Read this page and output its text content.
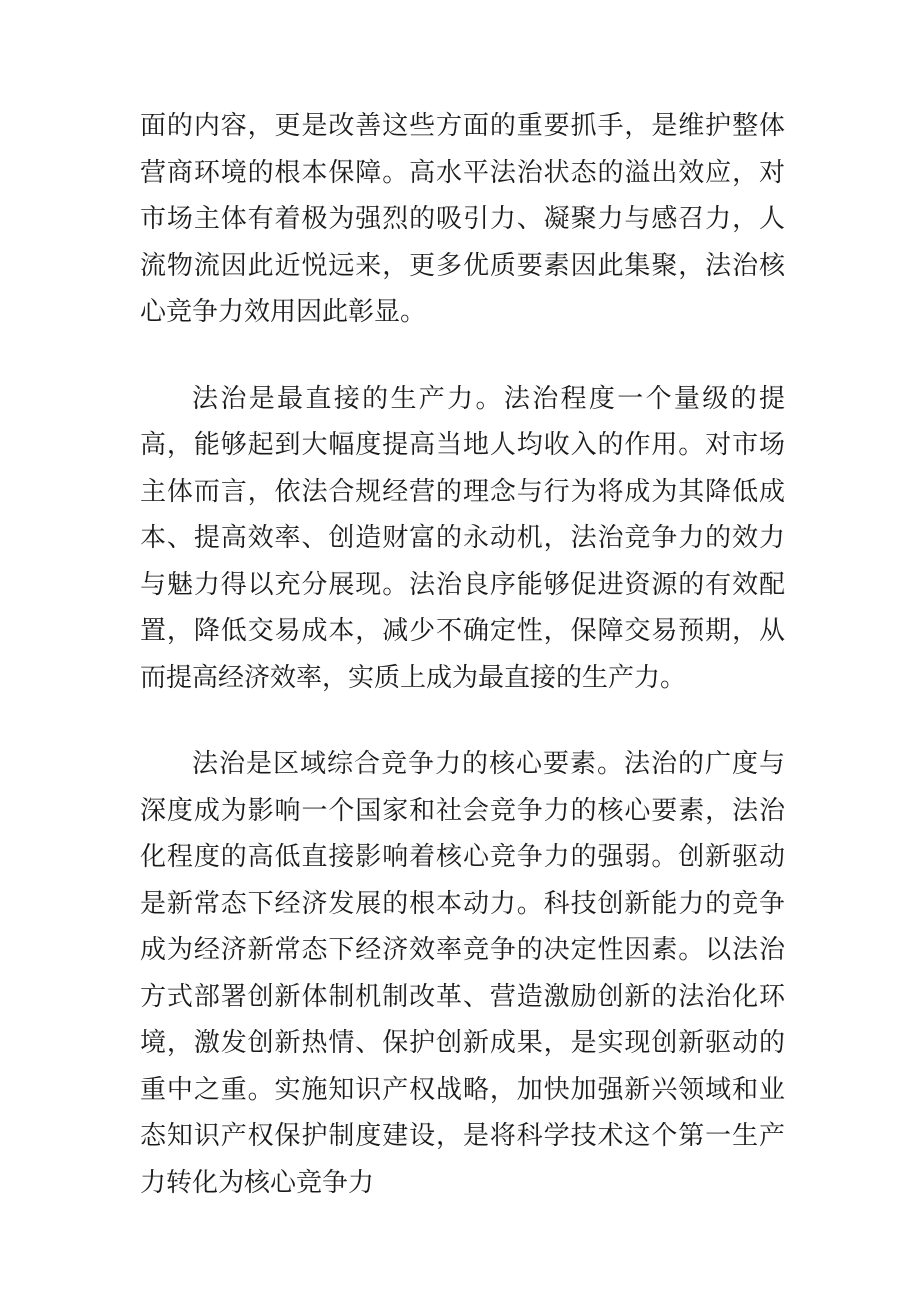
面的内容，更是改善这些方面的重要抓手，是维护整体营商环境的根本保障。高水平法治状态的溢出效应，对市场主体有着极为强烈的吸引力、凝聚力与感召力，人流物流因此近悦远来，更多优质要素因此集聚，法治核心竞争力效用因此彰显。

法治是最直接的生产力。法治程度一个量级的提高，能够起到大幅度提高当地人均收入的作用。对市场主体而言，依法合规经营的理念与行为将成为其降低成本、提高效率、创造财富的永动机，法治竞争力的效力与魅力得以充分展现。法治良序能够促进资源的有效配置，降低交易成本，减少不确定性，保障交易预期，从而提高经济效率，实质上成为最直接的生产力。

法治是区域综合竞争力的核心要素。法治的广度与深度成为影响一个国家和社会竞争力的核心要素，法治化程度的高低直接影响着核心竞争力的强弱。创新驱动是新常态下经济发展的根本动力。科技创新能力的竞争成为经济新常态下经济效率竞争的决定性因素。以法治方式部署创新体制机制改革、营造激励创新的法治化环境，激发创新热情、保护创新成果，是实现创新驱动的重中之重。实施知识产权战略，加快加强新兴领域和业态知识产权保护制度建设，是将科学技术这个第一生产力转化为核心竞争力
